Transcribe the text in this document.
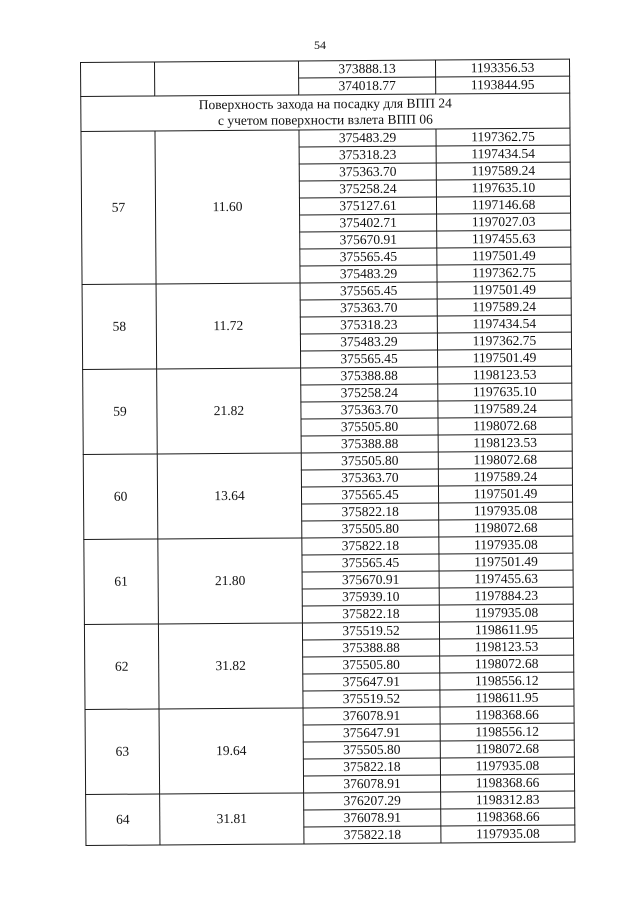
54
		373888.13	1193356.53
		374018.77	1193844.95
Поверхность захода на посадку для ВПП 24
с учетом поверхности взлета ВПП 06			
57	11.60	375483.29	1197362.75
		375318.23	1197434.54
		375363.70	1197589.24
		375258.24	1197635.10
		375127.61	1197146.68
		375402.71	1197027.03
		375670.91	1197455.63
		375565.45	1197501.49
		375483.29	1197362.75
58	11.72	375565.45	1197501.49
		375363.70	1197589.24
		375318.23	1197434.54
		375483.29	1197362.75
		375565.45	1197501.49
59	21.82	375388.88	1198123.53
		375258.24	1197635.10
		375363.70	1197589.24
		375505.80	1198072.68
		375388.88	1198123.53
60	13.64	375505.80	1198072.68
		375363.70	1197589.24
		375565.45	1197501.49
		375822.18	1197935.08
		375505.80	1198072.68
61	21.80	375822.18	1197935.08
		375565.45	1197501.49
		375670.91	1197455.63
		375939.10	1197884.23
		375822.18	1197935.08
62	31.82	375519.52	1198611.95
		375388.88	1198123.53
		375505.80	1198072.68
		375647.91	1198556.12
		375519.52	1198611.95
63	19.64	376078.91	1198368.66
		375647.91	1198556.12
		375505.80	1198072.68
		375822.18	1197935.08
		376078.91	1198368.66
64	31.81	376207.29	1198312.83
		376078.91	1198368.66
		375822.18	1197935.08
